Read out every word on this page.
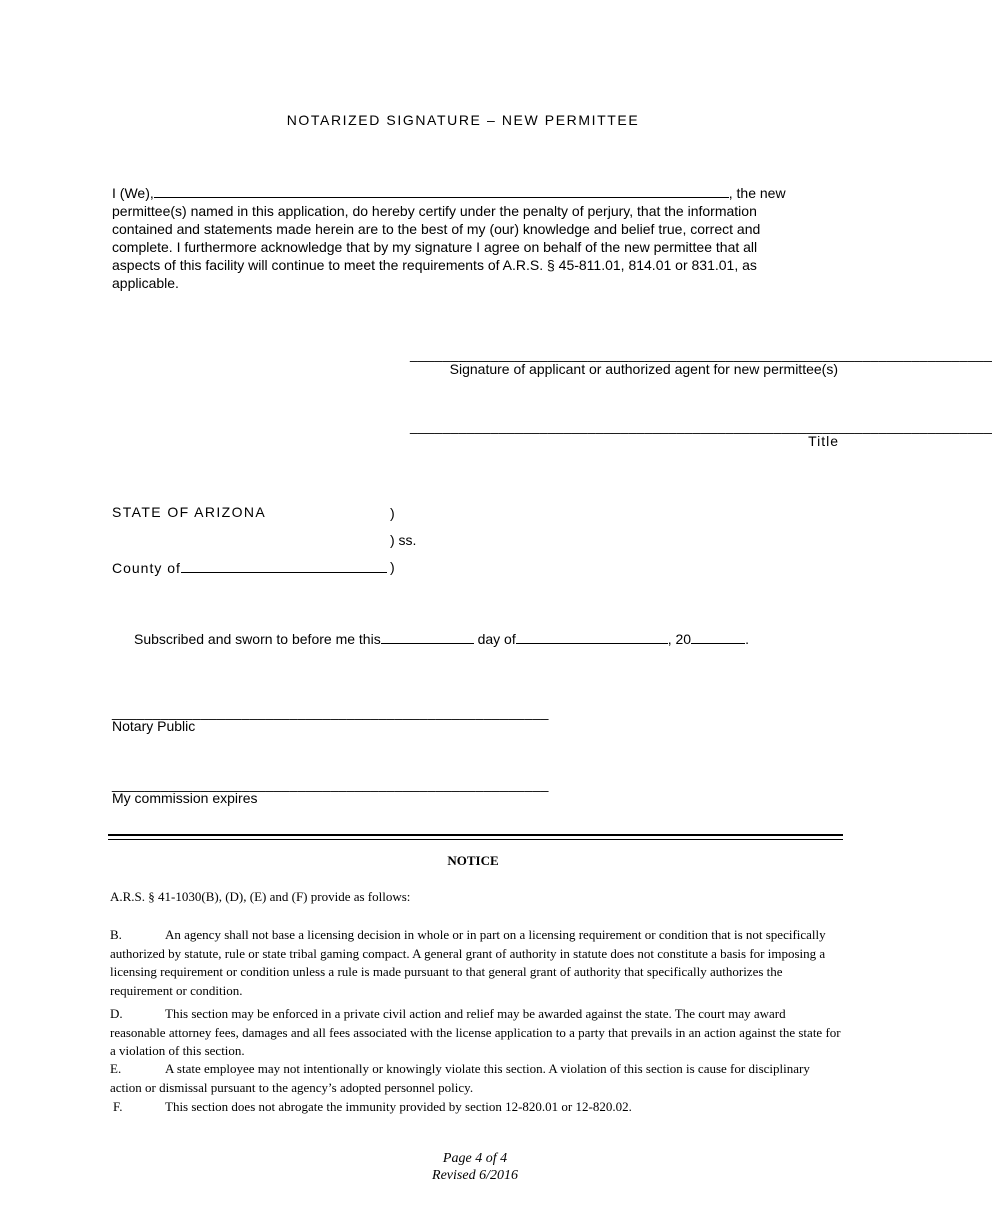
NOTARIZED SIGNATURE – NEW PERMITTEE
I (We),	, the new permittee(s) named in this application, do hereby certify under the penalty of perjury, that the information contained and statements made herein are to the best of my (our) knowledge and belief true, correct and complete. I furthermore acknowledge that by my signature I agree on behalf of the new permittee that all aspects of this facility will continue to meet the requirements of A.R.S. § 45-811.01, 814.01 or 831.01, as applicable.
________________________________________________________________________
Signature of applicant or authorized agent for new permittee(s)
________________________________________________________________________
Title
STATE OF ARIZONA	)
) ss.
County of	)
Subscribed and sworn to before me this	day of	, 20	.
______________________________________________________
Notary Public
______________________________________________________
My commission expires
NOTICE
A.R.S. § 41-1030(B), (D), (E) and (F) provide as follows:
B.	An agency shall not base a licensing decision in whole or in part on a licensing requirement or condition that is not specifically authorized by statute, rule or state tribal gaming compact. A general grant of authority in statute does not constitute a basis for imposing a licensing requirement or condition unless a rule is made pursuant to that general grant of authority that specifically authorizes the requirement or condition.
D.	This section may be enforced in a private civil action and relief may be awarded against the state. The court may award reasonable attorney fees, damages and all fees associated with the license application to a party that prevails in an action against the state for a violation of this section.
E.	A state employee may not intentionally or knowingly violate this section. A violation of this section is cause for disciplinary action or dismissal pursuant to the agency’s adopted personnel policy.
F.	This section does not abrogate the immunity provided by section 12-820.01 or 12-820.02.
Page 4 of 4
Revised 6/2016
